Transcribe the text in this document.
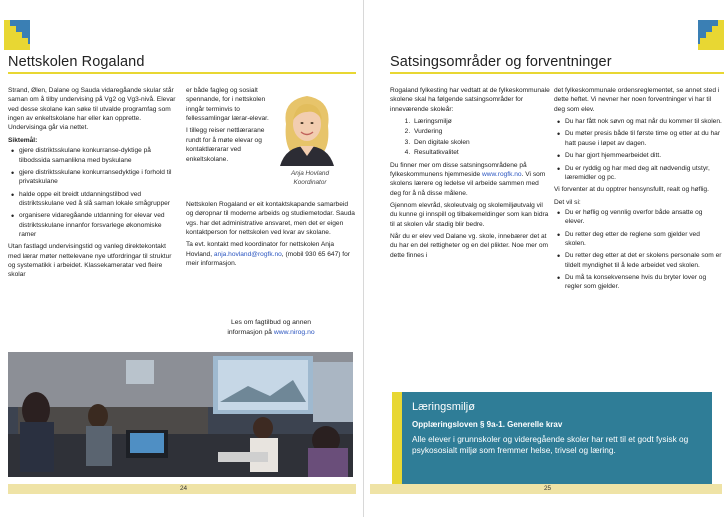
Nettskolen Rogaland

Strand, Ølen, Dalane og Sauda vidaregåande skular står saman om å tilby undervising på Vg2 og Vg3-nivå. Elevar ved desse skolane kan søke til utvalde programfag som ingen av enkeltskolane har eller kan opprette. Undervisinga går via nettet.

Siktemål:
• gjere distriktsskulane konkurranse-dyktige på tilbodssida samanlikna med byskulane
• gjere distriktsskulane konkurransedyktige i forhold til privatskulane
• halde oppe eit breidt utdanningstilbod ved distriktsskulane ved å slå saman lokale smågrupper
• organisere vidaregåande utdanning for elevar ved distriktsskulane innanfor forsvarlege økonomiske ramer

Utan fastlagd undervisingstid og vanleg direktekontakt med lærar møter nettelevane nye utfordringar til struktur og systematikk i arbeidet. Klassekameratar ved fleire skolar

er både fagleg og sosialt spennande, for i nettskolen inngår terminvis to fellessamlingar lærar-elevar.

I tillegg reiser nettlærarane rundt for å møte elevar og kontaktlærarar ved enkeltskolane.

Anja Hovland
Koordinator

Nettskolen Rogaland er eit kontaktskapande samarbeid og døropnar til moderne arbeids og studiemetodar. Sauda vgs. har det administrative ansvaret, men det er eigen kontaktperson for nettskolen ved kvar av skolane.

Ta evt. kontakt med koordinator for nettskolen Anja Hovland, anja.hovland@rogfk.no, (mobil 930 65 647) for meir informasjon.

Les om fagtilbud og annen
informasjon på www.nirog.no
24
Satsingsområder og forventninger

Rogaland fylkesting har vedtatt at de fylkeskommunale skolene skal ha følgende satsingsområder for inneværende skoleår:

1. Læringsmiljø
2. Vurdering
3. Den digitale skolen
4. Resultatkvalitet

Du finner mer om disse satsningsområdene på fylkeskommunens hjemmeside www.rogfk.no. Vi som skolens lærere og ledelse vil arbeide sammen med deg for å nå disse målene.

Gjennom elevråd, skoleutvalg og skolemiljøutvalg vil du kunne gi innspill og tilbakemeldinger som kan bidra til at skolen vår stadig blir bedre.

Når du er elev ved Dalane vg. skole, innebærer det at du har en del rettigheter og en del plikter. Noe mer om dette finnes i

det fylkeskommunale ordensreglementet, se annet sted i dette heftet. Vi nevner her noen forventninger vi har til deg som elev.

• Du har fått nok søvn og mat når du kommer til skolen.
• Du møter presis både til første time og etter at du har hatt pause i løpet av dagen.
• Du har gjort hjemmearbeidet ditt.
• Du er ryddig og har med deg alt nødvendig utstyr, læremidler og pc.

Vi forventer at du opptrer hensynsfullt, realt og høflig.

Det vil si:
• Du er høflig og vennlig overfor både ansatte og elever.
• Du retter deg etter de reglene som gjelder ved skolen.
• Du retter deg etter at det er skolens personale som er tildelt myndighet til å lede arbeidet ved skolen.
• Du må ta konsekvensene hvis du bryter lover og regler som gjelder.
Læringsmiljø
Opplæringsloven § 9a-1. Generelle krav
Alle elever i grunnskoler og videregående skoler har rett til et godt fysisk og psykososialt miljø som fremmer helse, trivsel og læring.
25
